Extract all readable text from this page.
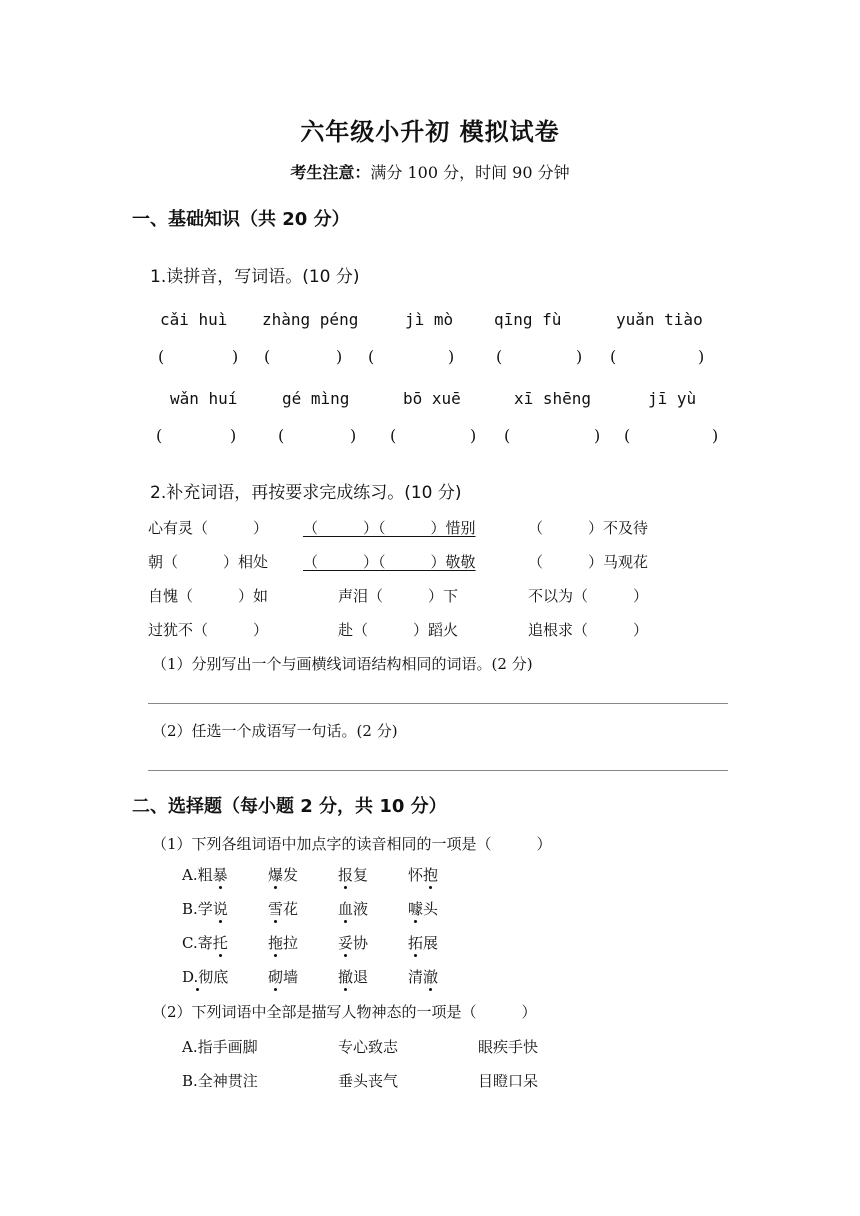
六年级小升初 模拟试卷
考生注意：满分 100 分，时间 90 分钟
一、基础知识（共 20 分）
1.读拼音，写词语。(10 分)
cǎi huì zhàng péng	jì mò	qīng fù	yuǎn tiào
(	) (	) (	)	(	) (	)
wǎn huí	gé mìng	bō xuē	xī shēng	jī yù
(	)	(	) (	) (	) (	)
2.补充词语，再按要求完成练习。(10 分)
心有灵（　　　） （　　　）（　　　）惜别	（　　　）不及待
朝（　　　）相处 （　　　）（　　　）敬敬	（　　　）马观花
自愧（　　　）如	声泪（　　　）下	不以为（　　　）
过犹不（　　　）	赴（　　　）蹈火	追根求（　　　）
（1）分别写出一个与画横线词语结构相同的词语。(2 分)
（2）任选一个成语写一句话。(2 分)
二、选择题（每小题 2 分，共 10 分）
（1）下列各组词语中加点字的读音相同的一项是（　　　）
A.粗暴	爆发	报复	怀抱
B.学说	雪花	血液	噱头
C.寄托	拖拉	妥协	拓展
D.彻底	砌墙	撤退	清澈
（2）下列词语中全部是描写人物神态的一项是（　　　）
A.指手画脚	专心致志	眼疾手快
B.全神贯注	垂头丧气	目瞪口呆
